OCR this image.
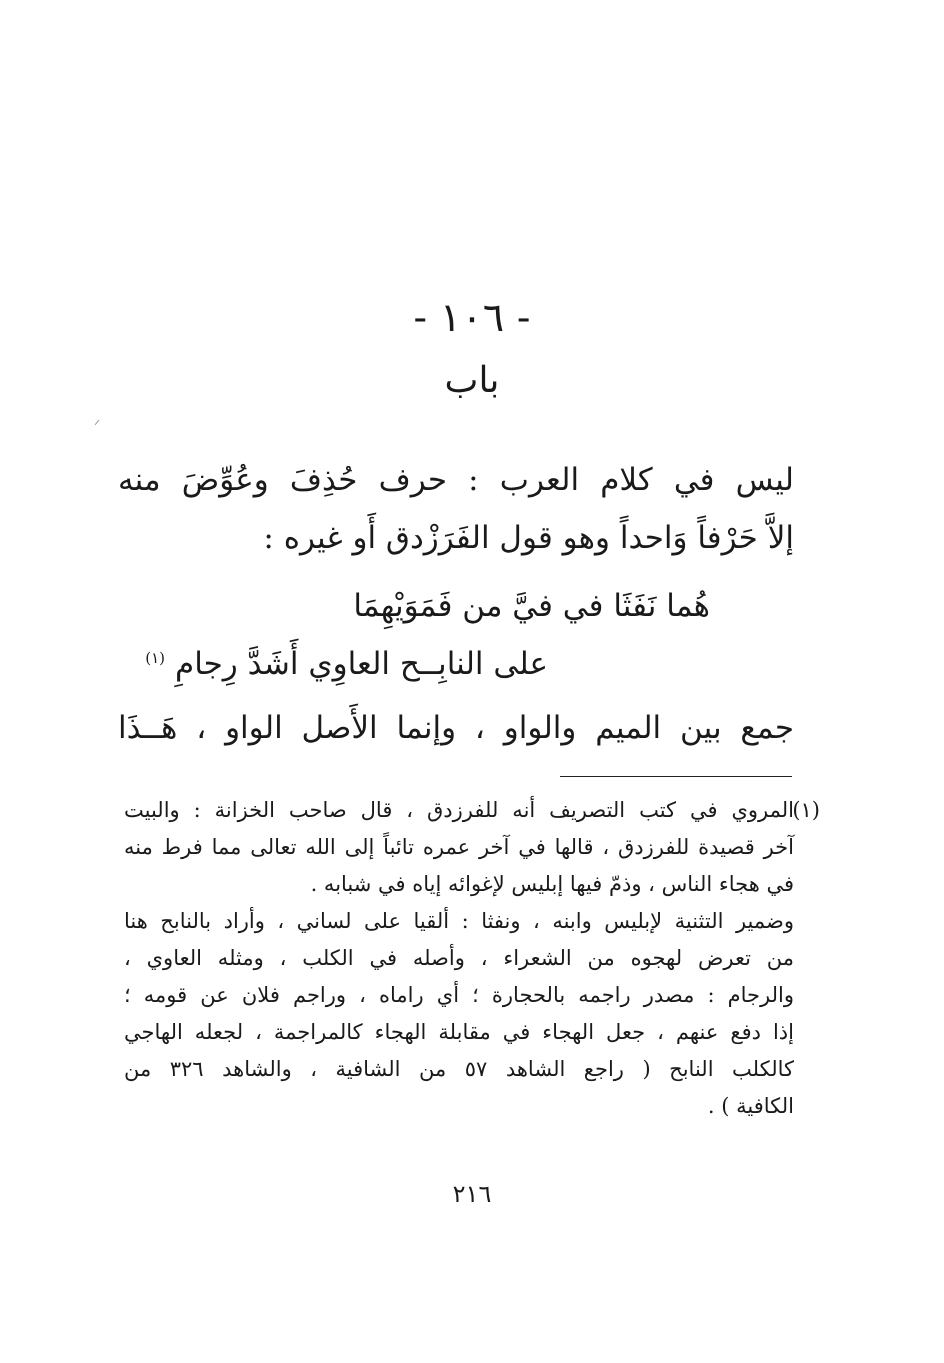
- ١٠٦ -
باب
ليس في كلام العرب : حرف حُذِفَ وعُوِّضَ منه
إلاَّ حَرْفاً وَاحداً وهو قول الفَرَزْدق أَو غيره :
هُما نَفَثَا في فيَّ من فَمَوَيْهِمَا
على النابِــح العاوِي أَشَدَّ رِجامِ$^{(١)}$
جمع بين الميم والواو ، وإنما الأَصل الواو ، هَــذَا
(١)
المروي في كتب التصريف أنه للفرزدق ، قال صاحب الخزانة : والبيت
آخر قصيدة للفرزدق ، قالها في آخر عمره تائباً إلى الله تعالى مما فرط منه
في هجاء الناس ، وذمّ فيها إبليس لإغوائه إياه في شبابه .
وضمير التثنية لإبليس وابنه ، ونفثا : ألقيا على لساني ، وأراد بالنابح هنا
من تعرض لهجوه من الشعراء ، وأصله في الكلب ، ومثله العاوي ،
والرجام : مصدر راجمه بالحجارة ؛ أي راماه ، وراجم فلان عن قومه ؛
إذا دفع عنهم ، جعل الهجاء في مقابلة الهجاء كالمراجمة ، لجعله الهاجي
كالكلب النابح ( راجع الشاهد ٥٧ من الشافية ، والشاهد ٣٢٦ من
الكافية ) .
٢١٦
